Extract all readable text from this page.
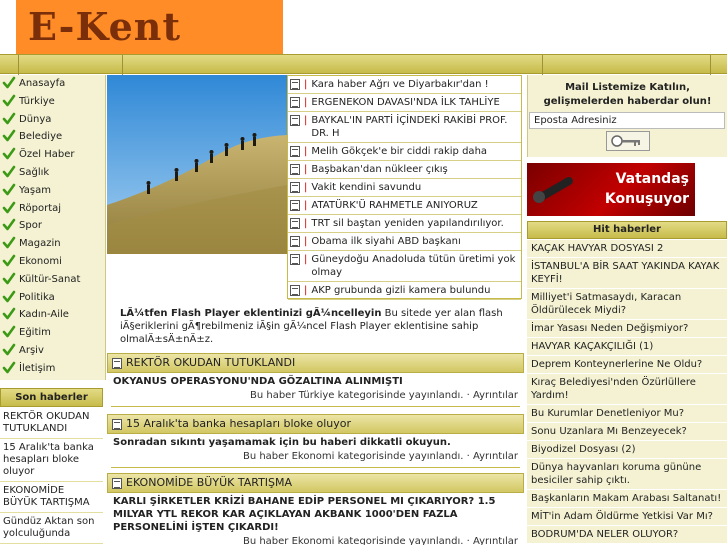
E-Kent
Anasayfa
Türkiye
Dünya
Belediye
Özel Haber
Sağlık
Yaşam
Röportaj
Spor
Magazin
Ekonomi
Kültür-Sanat
Politika
Kadın-Aile
Eğitim
Arşiv
İletişim
Son haberler
REKTÖR OKUDAN TUTUKLANDI
15 Aralık'ta banka hesapları bloke oluyor
EKONOMİDE BÜYÜK TARTIŞMA
Gündüz Aktan son yolculuğunda
| Kara haber Ağrı ve Diyarbakır'dan !
| ERGENEKON DAVASI'NDA İLK TAHLİYE
| BAYKAL'IN PARTİ İÇİNDEKİ RAKİBİ PROF. DR. H
| Melih Gökçek'e bir ciddi rakip daha
| Başbakan'dan nükleer çıkış
| Vakit kendini savundu
| ATATÜRK'Ü RAHMETLE ANIYORUZ
| TRT sil baştan yeniden yapılandırılıyor.
| Obama ilk siyahi ABD başkanı
| Güneydoğu Anadoluda tütün üretimi yok olmay
| AKP grubunda gizli kamera bulundu
LÃ¼tfen Flash Player eklentinizi gÃ¼ncelleyin Bu sitede yer alan flash iÃ§eriklerini gÃ¶rebilmeniz iÃ§in gÃ¼ncel Flash Player eklentisine sahip olmalÄ±sÄ±nÄ±z.
REKTÖR OKUDAN TUTUKLANDI
OKYANUS OPERASYONU'NDA GÖZALTINA ALINMIŞTI
Bu haber Türkiye kategorisinde yayınlandı. · Ayrıntılar
15 Aralık'ta banka hesapları bloke oluyor
Sonradan sıkıntı yaşamamak için bu haberi dikkatli okuyun.
Bu haber Ekonomi kategorisinde yayınlandı. · Ayrıntılar
EKONOMİDE BÜYÜK TARTIŞMA
KARLI ŞİRKETLER KRİZİ BAHANE EDİP PERSONEL MI ÇIKARIYOR? 1.5 MILYAR YTL REKOR KAR AÇIKLAYAN AKBANK 1000'DEN FAZLA PERSONELİNİ İŞTEN ÇIKARDI!
Bu haber Ekonomi kategorisinde yayınlandı. · Ayrıntılar
Mail Listemize Katılın, gelişmelerden haberdar olun!
Eposta Adresiniz
Vatandaş
Konuşuyor
Hit haberler
KAÇAK HAVYAR DOSYASI 2
İSTANBUL'A BİR SAAT YAKINDA KAYAK KEYFİ!
Milliyet'i Satmasaydı, Karacan Öldürülecek Miydi?
İmar Yasası Neden Değişmiyor?
HAVYAR KAÇAKÇILIĞI (1)
Deprem Konteynerlerine Ne Oldu?
Kıraç Belediyesi'nden Özürlüllere Yardım!
Bu Kurumlar Denetleniyor Mu?
Sonu Uzanlara Mı Benzeyecek?
Biyodizel Dosyası (2)
Dünya hayvanları koruma gününe besiciler sahip çıktı.
Başkanların Makam Arabası Saltanatı!
MİT'in Adam Öldürme Yetkisi Var Mı?
BODRUM'DA NELER OLUYOR?
